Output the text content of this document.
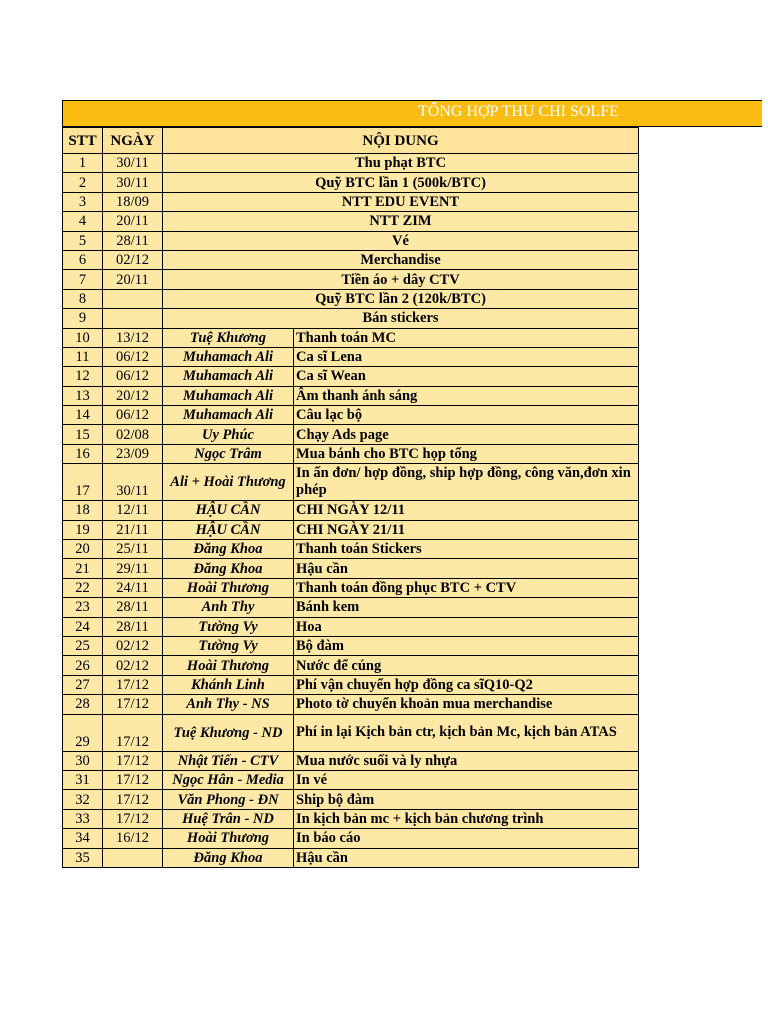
TỔNG HỢP THU CHI SOLFE
STT	NGÀY	NỘI DUNG	
1	30/11	Thu phạt BTC	
2	30/11	Quỹ BTC lần 1 (500k/BTC)	
3	18/09	NTT EDU EVENT	
4	20/11	NTT ZIM	
5	28/11	Vé	
6	02/12	Merchandise	
7	20/11	Tiền áo + dây CTV	
8		Quỹ BTC lần 2 (120k/BTC)	
9		Bán stickers	
10	13/12	Tuệ Khương	Thanh toán MC
11	06/12	Muhamach Ali	Ca sĩ Lena
12	06/12	Muhamach Ali	Ca sĩ Wean
13	20/12	Muhamach Ali	Âm thanh ánh sáng
14	06/12	Muhamach Ali	Câu lạc bộ
15	02/08	Uy Phúc	Chạy Ads page
16	23/09	Ngọc Trâm	Mua bánh cho BTC họp tổng
17	30/11	Ali + Hoài Thương	In ấn đơn/ hợp đồng, ship hợp đồng, công văn,đơn xin phép
18	12/11	HẬU CẦN	CHI NGÀY 12/11
19	21/11	HẬU CẦN	CHI NGÀY 21/11
20	25/11	Đăng Khoa	Thanh toán Stickers
21	29/11	Đăng Khoa	Hậu cần
22	24/11	Hoài Thương	Thanh toán đồng phục BTC + CTV
23	28/11	Anh Thy	Bánh kem
24	28/11	Tường Vy	Hoa
25	02/12	Tường Vy	Bộ đàm
26	02/12	Hoài Thương	Nước để cúng
27	17/12	Khánh Linh	Phí vận chuyển hợp đồng ca sĩQ10-Q2
28	17/12	Anh Thy - NS	Photo tờ chuyển khoản mua merchandise
29	17/12	Tuệ Khương - ND	Phí in lại Kịch bản ctr, kịch bản Mc, kịch bản ATAS
30	17/12	Nhật Tiến - CTV	Mua nước suối và ly nhựa
31	17/12	Ngọc Hân - Media	In vé
32	17/12	Văn Phong - ĐN	Ship bộ đàm
33	17/12	Huệ Trân - ND	In kịch bản mc + kịch bản chương trình
34	16/12	Hoài Thương	In báo cáo
35		Đăng Khoa	Hậu cần
